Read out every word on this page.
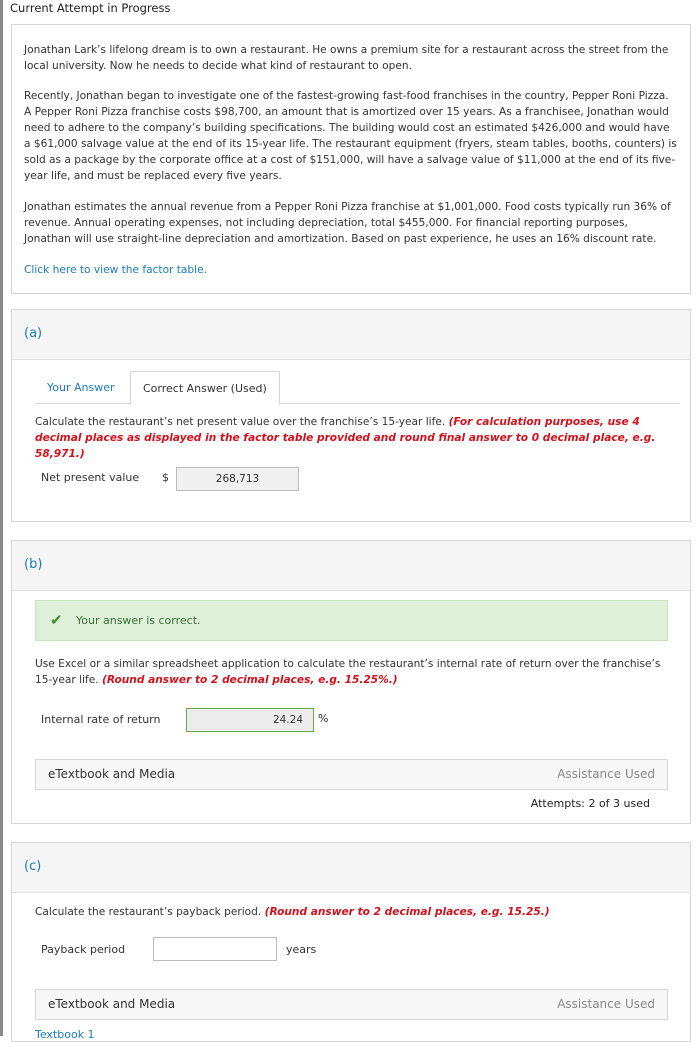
Current Attempt in Progress

Jonathan Lark’s lifelong dream is to own a restaurant. He owns a premium site for a restaurant across the street from the local university. Now he needs to decide what kind of restaurant to open.

Recently, Jonathan began to investigate one of the fastest-growing fast-food franchises in the country, Pepper Roni Pizza. A Pepper Roni Pizza franchise costs $98,700, an amount that is amortized over 15 years. As a franchisee, Jonathan would need to adhere to the company’s building specifications. The building would cost an estimated $426,000 and would have a $61,000 salvage value at the end of its 15-year life. The restaurant equipment (fryers, steam tables, booths, counters) is sold as a package by the corporate office at a cost of $151,000, will have a salvage value of $11,000 at the end of its five-year life, and must be replaced every five years.

Jonathan estimates the annual revenue from a Pepper Roni Pizza franchise at $1,001,000. Food costs typically run 36% of revenue. Annual operating expenses, not including depreciation, total $455,000. For financial reporting purposes, Jonathan will use straight-line depreciation and amortization. Based on past experience, he uses an 16% discount rate.

Click here to view the factor table.

(a)
Your Answer	Correct Answer (Used)
Calculate the restaurant’s net present value over the franchise’s 15-year life. (For calculation purposes, use 4 decimal places as displayed in the factor table provided and round final answer to 0 decimal place, e.g. 58,971.)
Net present value $	268,713
(b)
✔ Your answer is correct.
Use Excel or a similar spreadsheet application to calculate the restaurant’s internal rate of return over the franchise’s 15-year life. (Round answer to 2 decimal places, e.g. 15.25%.)
Internal rate of return	24.24	%
eTextbook and Media	Assistance Used
Attempts: 2 of 3 used
(c)
Calculate the restaurant’s payback period. (Round answer to 2 decimal places, e.g. 15.25.)
Payback period	years
eTextbook and Media	Assistance Used
Textbook 1
